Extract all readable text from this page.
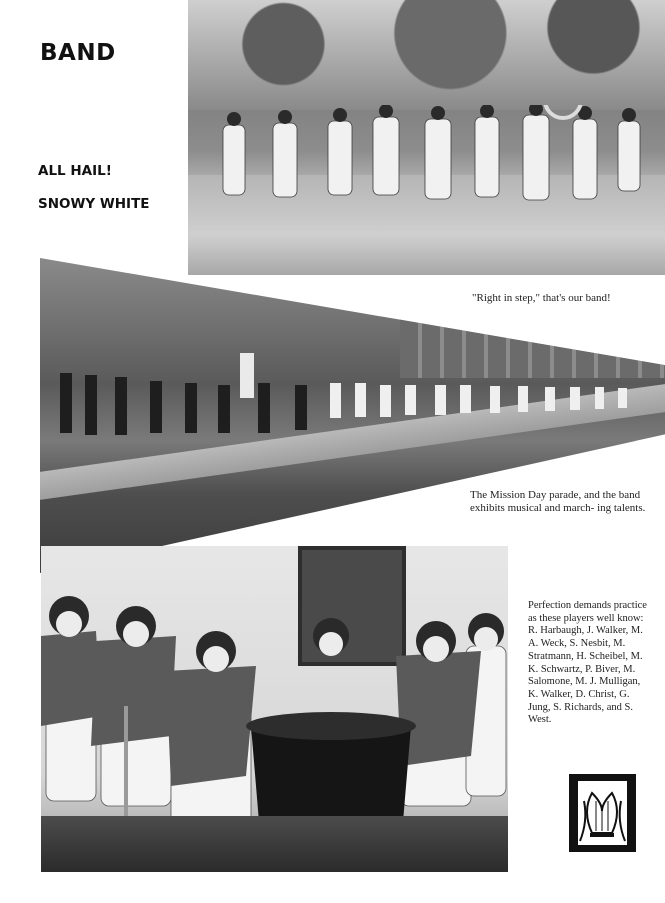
BAND
ALL HAIL!
SNOWY WHITE
"Right in step," that's our band!
The Mission Day parade, and the band exhibits musical and march- ing talents.
Perfection demands practice as these players well know: R. Harbaugh, J. Walker, M. A. Weck, S. Nesbit, M. Stratmann, H. Scheibel, M. K. Schwartz, P. Biver, M. Salomone, M. J. Mulligan, K. Walker, D. Christ, G. Jung, S. Richards, and S. West.
